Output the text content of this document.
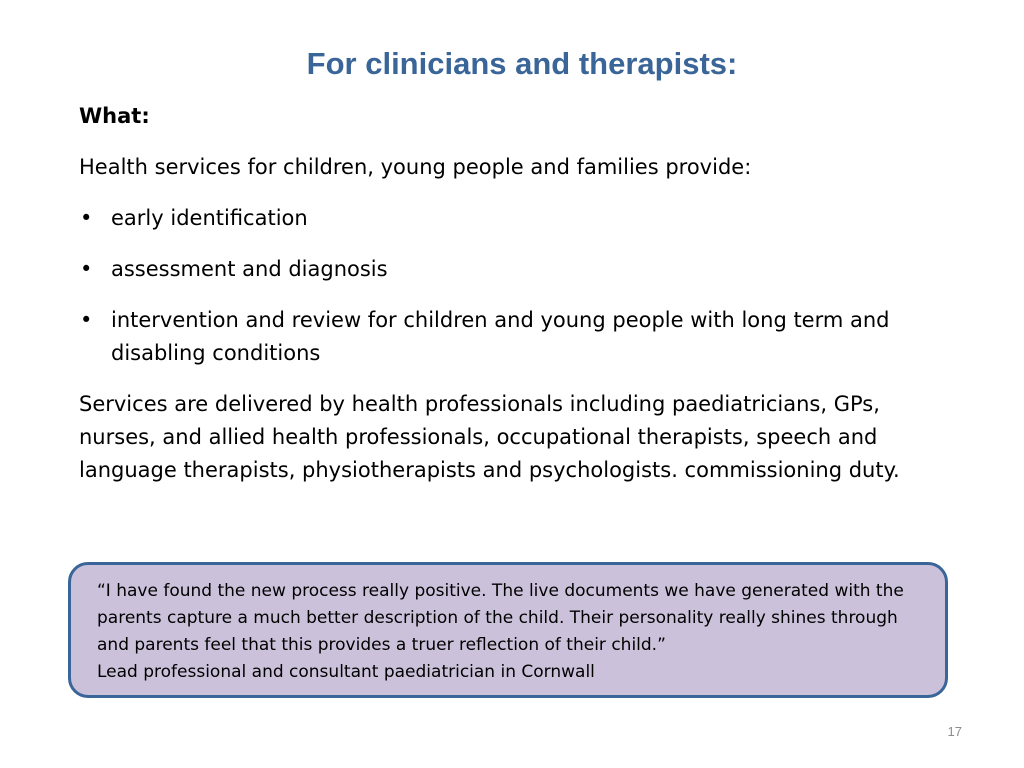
For clinicians and therapists:

What:

Health services for children, young people and families provide:

• early identification
• assessment and diagnosis
• intervention and review for children and young people with long term and disabling conditions

Services are delivered by health professionals including paediatricians, GPs, nurses, and allied health professionals, occupational therapists, speech and language therapists, physiotherapists and psychologists. commissioning duty.

“I have found the new process really positive. The live documents we have generated with the parents capture a much better description of the child. Their personality really shines through and parents feel that this provides a truer reflection of their child.”

Lead professional and consultant paediatrician in Cornwall

17
